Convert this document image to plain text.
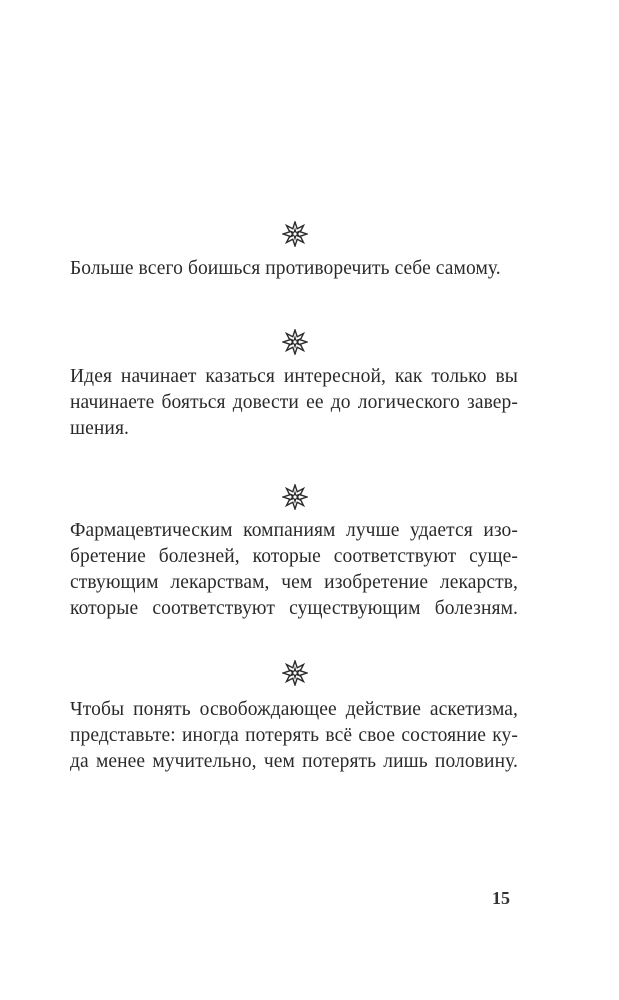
Больше всего боишься противоречить себе самому.

Идея начинает казаться интересной, как только вы
начинаете бояться довести ее до логического завер-
шения.

Фармацевтическим компаниям лучше удается изо-
бретение болезней, которые соответствуют суще-
ствующим лекарствам, чем изобретение лекарств,
которые соответствуют существующим болезням.

Чтобы понять освобождающее действие аскетизма,
представьте: иногда потерять всё свое состояние ку-
да менее мучительно, чем потерять лишь половину.

15
